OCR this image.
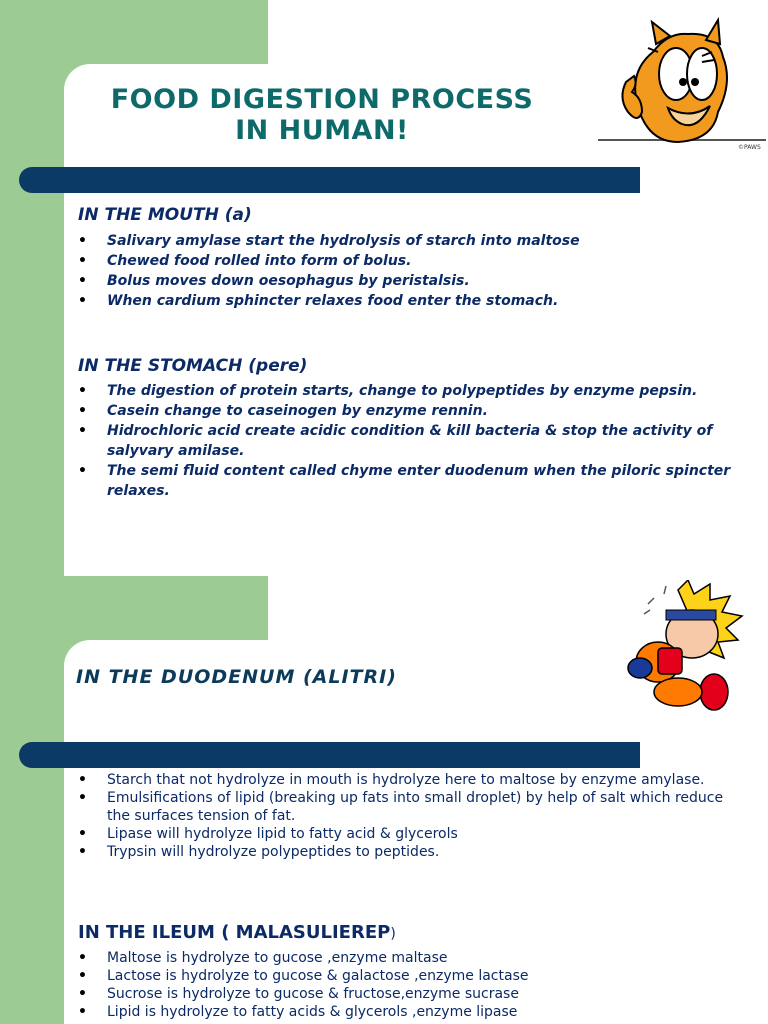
FOOD DIGESTION PROCESS
IN HUMAN!
©PAWS
IN THE MOUTH (a)
• Salivary amylase start the hydrolysis of starch into maltose
• Chewed food rolled into form of bolus.
• Bolus moves down oesophagus by peristalsis.
• When cardium sphincter relaxes food enter the stomach.
IN THE STOMACH (pere)
• The digestion of protein starts, change to polypeptides by enzyme pepsin.
• Casein change to caseinogen by enzyme rennin.
• Hidrochloric acid create acidic condition & kill bacteria & stop the activity of salyvary amilase.
• The semi fluid content called chyme enter duodenum when the piloric spincter relaxes.
IN THE DUODENUM (ALITRI)
• Starch that not hydrolyze in mouth is hydrolyze here to maltose by enzyme amylase.
• Emulsifications of lipid (breaking up fats into small droplet) by help of salt which reduce the surfaces tension of fat.
• Lipase will hydrolyze lipid to fatty acid & glycerols
• Trypsin will hydrolyze polypeptides to peptides.
IN THE ILEUM ( MALASULIEREP)
• Maltose is hydrolyze to gucose ,enzyme maltase
• Lactose is hydrolyze to gucose & galactose ,enzyme lactase
• Sucrose is hydrolyze to gucose & fructose,enzyme sucrase
• Lipid is hydrolyze to fatty acids & glycerols ,enzyme lipase
